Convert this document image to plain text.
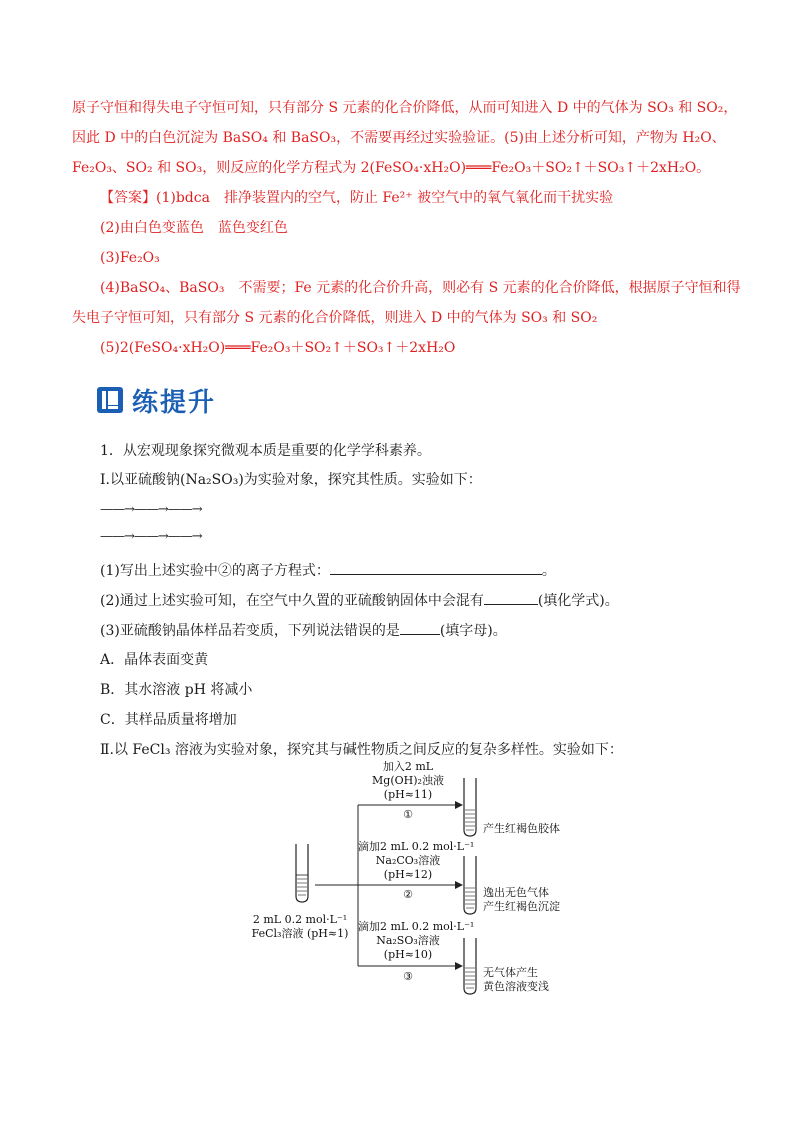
原子守恒和得失电子守恒可知，只有部分 S 元素的化合价降低，从而可知进入 D 中的气体为 SO₃ 和 SO₂，
因此 D 中的白色沉淀为 BaSO₄ 和 BaSO₃，不需要再经过实验验证。(5)由上述分析可知，产物为 H₂O、
Fe₂O₃、SO₂ 和 SO₃，则反应的化学方程式为 2(FeSO₄·xH₂O)═══Fe₂O₃＋SO₂↑＋SO₃↑＋2xH₂O。
【答案】(1)bdca　排净装置内的空气，防止 Fe²⁺ 被空气中的氧气氧化而干扰实验
(2)由白色变蓝色　蓝色变红色
(3)Fe₂O₃
(4)BaSO₄、BaSO₃　不需要；Fe 元素的化合价升高，则必有 S 元素的化合价降低，根据原子守恒和得
失电子守恒可知，只有部分 S 元素的化合价降低，则进入 D 中的气体为 SO₃ 和 SO₂
(5)2(FeSO₄·xH₂O)═══Fe₂O₃＋SO₂↑＋SO₃↑＋2xH₂O
练提升
1．从宏观现象探究微观本质是重要的化学学科素养。
Ⅰ.以亚硫酸钠(Na₂SO₃)为实验对象，探究其性质。实验如下：
——→——→——→
——→——→——→
(1)写出上述实验中②的离子方程式：	。
(2)通过上述实验可知，在空气中久置的亚硫酸钠固体中会混有	(填化学式)。
(3)亚硫酸钠晶体样品若变质，下列说法错误的是	(填字母)。
A．晶体表面变黄
B．其水溶液 pH 将减小
C．其样品质量将增加
Ⅱ.以 FeCl₃ 溶液为实验对象，探究其与碱性物质之间反应的复杂多样性。实验如下：
2 mL 0.2 mol·L⁻¹
FeCl₃溶液 (pH≈1)
加入2 mL
Mg(OH)₂浊液
(pH≈11)
①
产生红褐色胶体
滴加2 mL 0.2 mol·L⁻¹
Na₂CO₃溶液
(pH≈12)
②	逸出无色气体
产生红褐色沉淀
滴加2 mL 0.2 mol·L⁻¹
Na₂SO₃溶液
(pH≈10)
③	无气体产生
黄色溶液变浅
